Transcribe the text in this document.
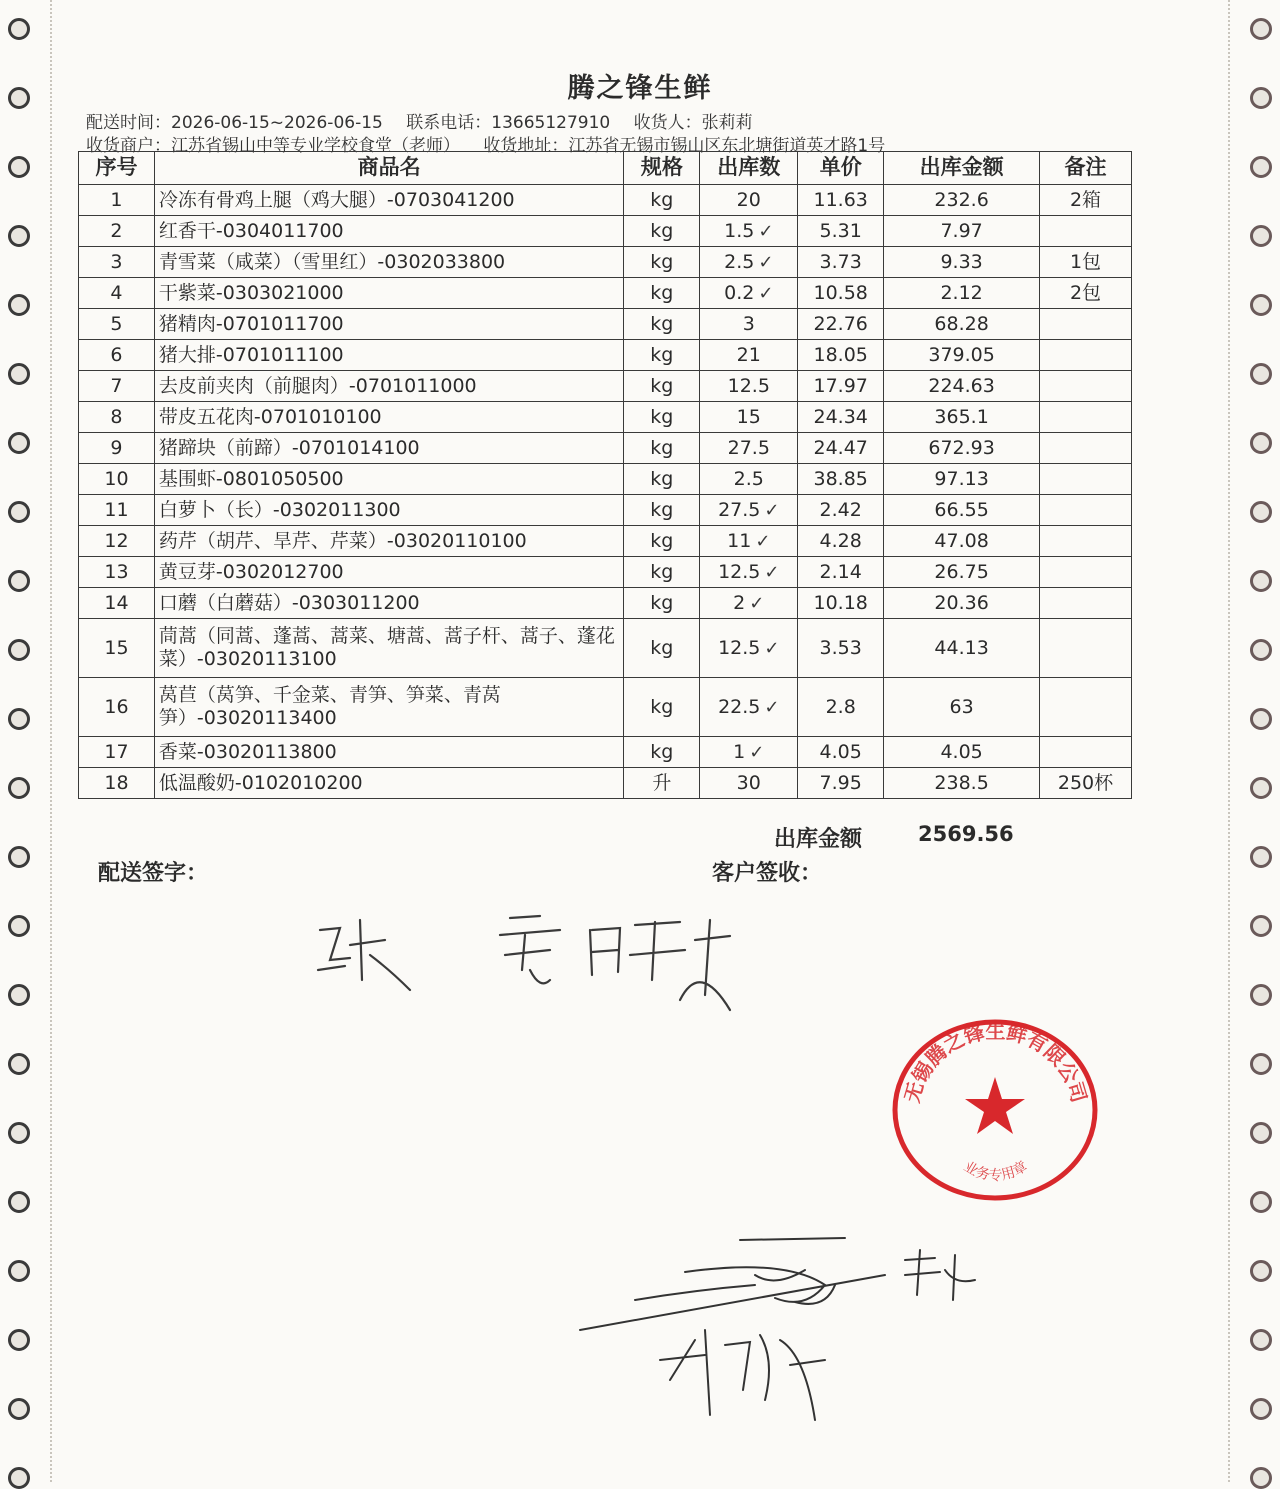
腾之锋生鲜
配送时间：2026-06-15~2026-06-15 联系电话：13665127910 收货人：张莉莉
收货商户：江苏省锡山中等专业学校食堂（老师） 收货地址：江苏省无锡市锡山区东北塘街道英才路1号
序号	商品名	规格	出库数	单价	出库金额	备注
1	冷冻有骨鸡上腿（鸡大腿）-0703041200	kg	20	11.63	232.6	2箱
2	红香干-0304011700	kg	1.5 ✓	5.31	7.97	
3	青雪菜（咸菜）（雪里红）-0302033800	kg	2.5 ✓	3.73	9.33	1包
4	干紫菜-0303021000	kg	0.2 ✓	10.58	2.12	2包
5	猪精肉-0701011700	kg	3	22.76	68.28	
6	猪大排-0701011100	kg	21	18.05	379.05	
7	去皮前夹肉（前腿肉）-0701011000	kg	12.5	17.97	224.63	
8	带皮五花肉-0701010100	kg	15	24.34	365.1	
9	猪蹄块（前蹄）-0701014100	kg	27.5	24.47	672.93	
10	基围虾-0801050500	kg	2.5	38.85	97.13	
11	白萝卜（长）-0302011300	kg	27.5 ✓	2.42	66.55	
12	药芹（胡芹、旱芹、芹菜）-03020110100	kg	11 ✓	4.28	47.08	
13	黄豆芽-0302012700	kg	12.5 ✓	2.14	26.75	
14	口蘑（白蘑菇）-0303011200	kg	2 ✓	10.18	20.36	
15	茼蒿（同蒿、蓬蒿、蒿菜、塘蒿、蒿子杆、蒿子、蓬花菜）-03020113100	kg	12.5 ✓	3.53	44.13	
16	莴苣（莴笋、千金菜、青笋、笋菜、青莴笋）-03020113400	kg	22.5 ✓	2.8	63	
17	香菜-03020113800	kg	1 ✓	4.05	4.05	
18	低温酸奶-0102010200	升	30	7.95	238.5	250杯
出库金额	2569.56
配送签字：	客户签收：
无锡腾之锋生鲜有限公司
业务专用章
